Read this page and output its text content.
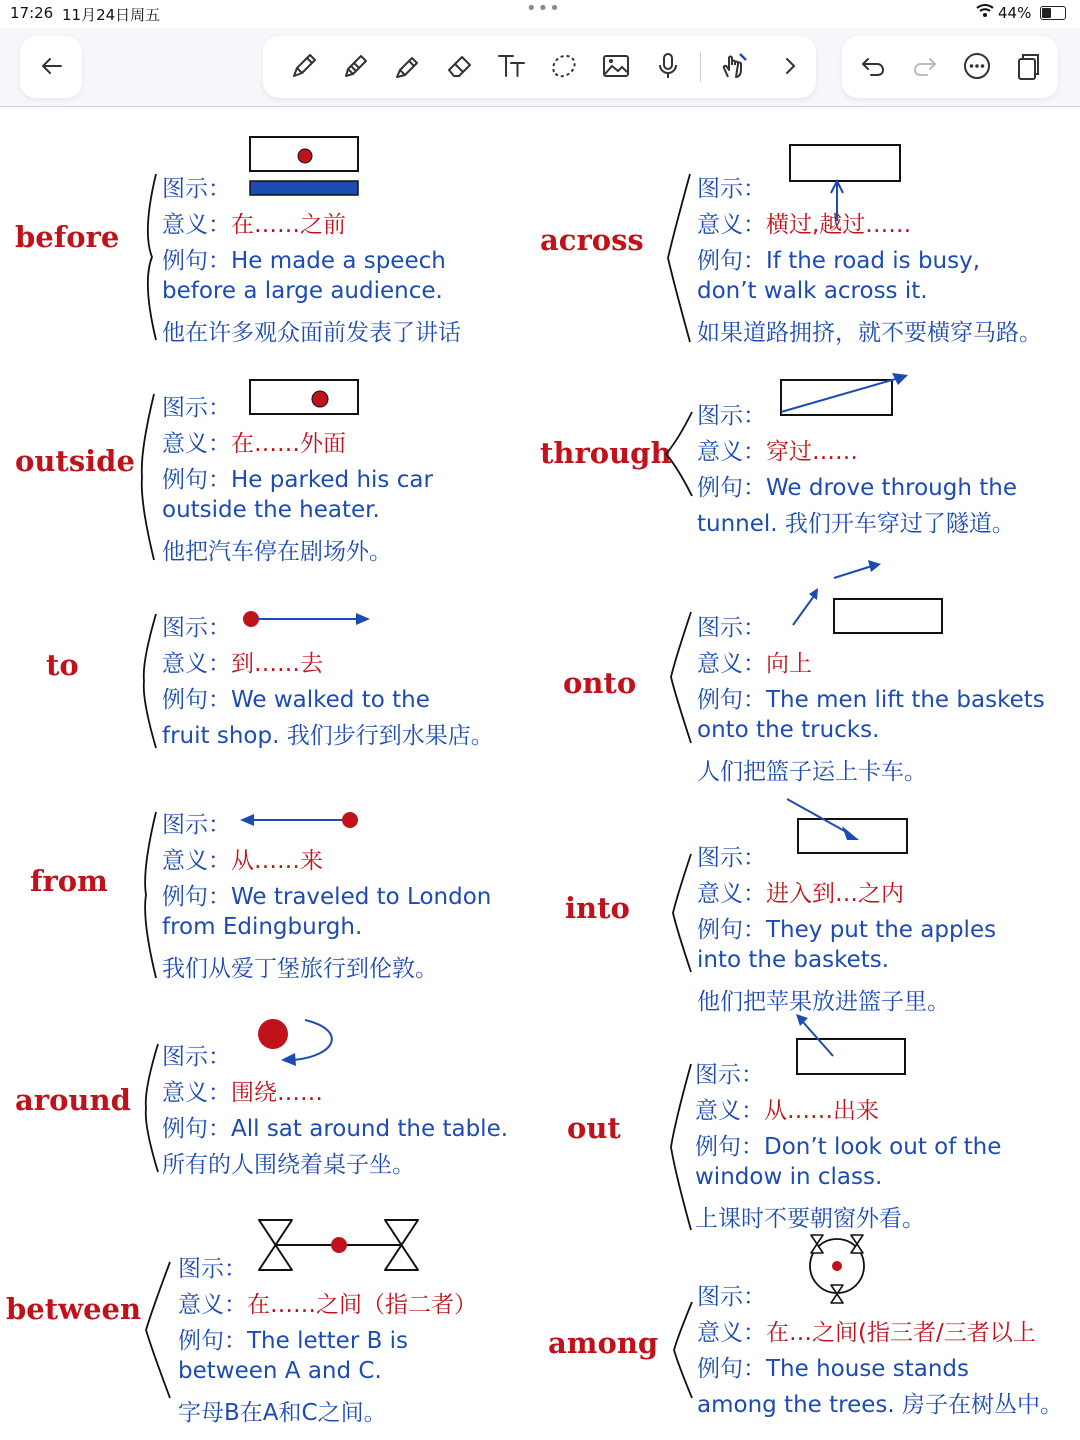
17:26 11月24日周五	•••	44%
before
图示：
意义：在……之前
例句：He made a speech
before a large audience.
他在许多观众面前发表了讲话
across
图示：
意义：横过,越过……
例句：If the road is busy,
don’t walk across it.
如果道路拥挤，就不要横穿马路。
outside
图示：
意义：在……外面
例句：He parked his car
outside the heater.
他把汽车停在剧场外。
through
图示：
意义：穿过……
例句：We drove through the
tunnel. 我们开车穿过了隧道。
to
图示：
意义：到……去
例句：We walked to the
fruit shop. 我们步行到水果店。
onto
图示：
意义：向上
例句：The men lift the baskets
onto the trucks.
人们把篮子运上卡车。
from
图示：
意义：从……来
例句：We traveled to London
from Edingburgh.
我们从爱丁堡旅行到伦敦。
into
图示：
意义：进入到…之内
例句：They put the apples
into the baskets.
他们把苹果放进篮子里。
around
图示：
意义：围绕……
例句：All sat around the table.
所有的人围绕着桌子坐。
out
图示：
意义：从……出来
例句：Don’t look out of the
window in class.
上课时不要朝窗外看。
between
图示：
意义：在……之间（指二者）
例句：The letter B is
between A and C.
字母B在A和C之间。
among
图示：
意义：在…之间(指三者/三者以上
例句：The house stands
among the trees. 房子在树丛中。
